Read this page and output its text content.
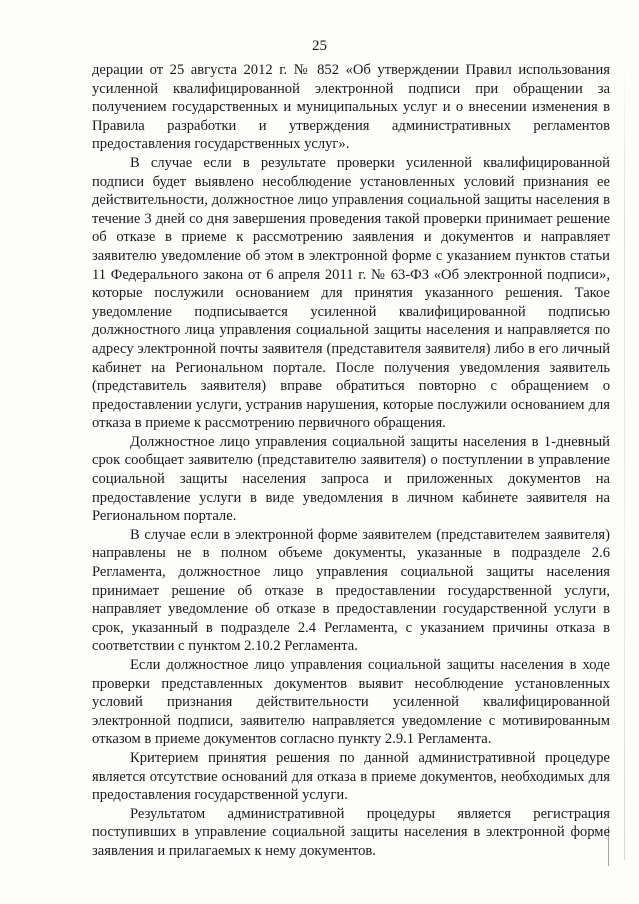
25

дерации от 25 августа 2012 г. № 852 «Об утверждении Правил использования усиленной квалифицированной электронной подписи при обращении за получением государственных и муниципальных услуг и о внесении изменения в Правила разработки и утверждения административных регламентов предоставления государственных услуг».

В случае если в результате проверки усиленной квалифицированной подписи будет выявлено несоблюдение установленных условий признания ее действительности, должностное лицо управления социальной защиты населения в течение 3 дней со дня завершения проведения такой проверки принимает решение об отказе в приеме к рассмотрению заявления и документов и направляет заявителю уведомление об этом в электронной форме с указанием пунктов статьи 11 Федерального закона от 6 апреля 2011 г. № 63-ФЗ «Об электронной подписи», которые послужили основанием для принятия указанного решения. Такое уведомление подписывается усиленной квалифицированной подписью должностного лица управления социальной защиты населения и направляется по адресу электронной почты заявителя (представителя заявителя) либо в его личный кабинет на Региональном портале. После получения уведомления заявитель (представитель заявителя) вправе обратиться повторно с обращением о предоставлении услуги, устранив нарушения, которые послужили основанием для отказа в приеме к рассмотрению первичного обращения.

Должностное лицо управления социальной защиты населения в 1-дневный срок сообщает заявителю (представителю заявителя) о поступлении в управление социальной защиты населения запроса и приложенных документов на предоставление услуги в виде уведомления в личном кабинете заявителя на Региональном портале.

В случае если в электронной форме заявителем (представителем заявителя) направлены не в полном объеме документы, указанные в подразделе 2.6 Регламента, должностное лицо управления социальной защиты населения принимает решение об отказе в предоставлении государственной услуги, направляет уведомление об отказе в предоставлении государственной услуги в срок, указанный в подразделе 2.4 Регламента, с указанием причины отказа в соответствии с пунктом 2.10.2 Регламента.

Если должностное лицо управления социальной защиты населения в ходе проверки представленных документов выявит несоблюдение установленных условий признания действительности усиленной квалифицированной электронной подписи, заявителю направляется уведомление с мотивированным отказом в приеме документов согласно пункту 2.9.1 Регламента.

Критерием принятия решения по данной административной процедуре является отсутствие оснований для отказа в приеме документов, необходимых для предоставления государственной услуги.

Результатом административной процедуры является регистрация поступивших в управление социальной защиты населения в электронной форме заявления и прилагаемых к нему документов.
